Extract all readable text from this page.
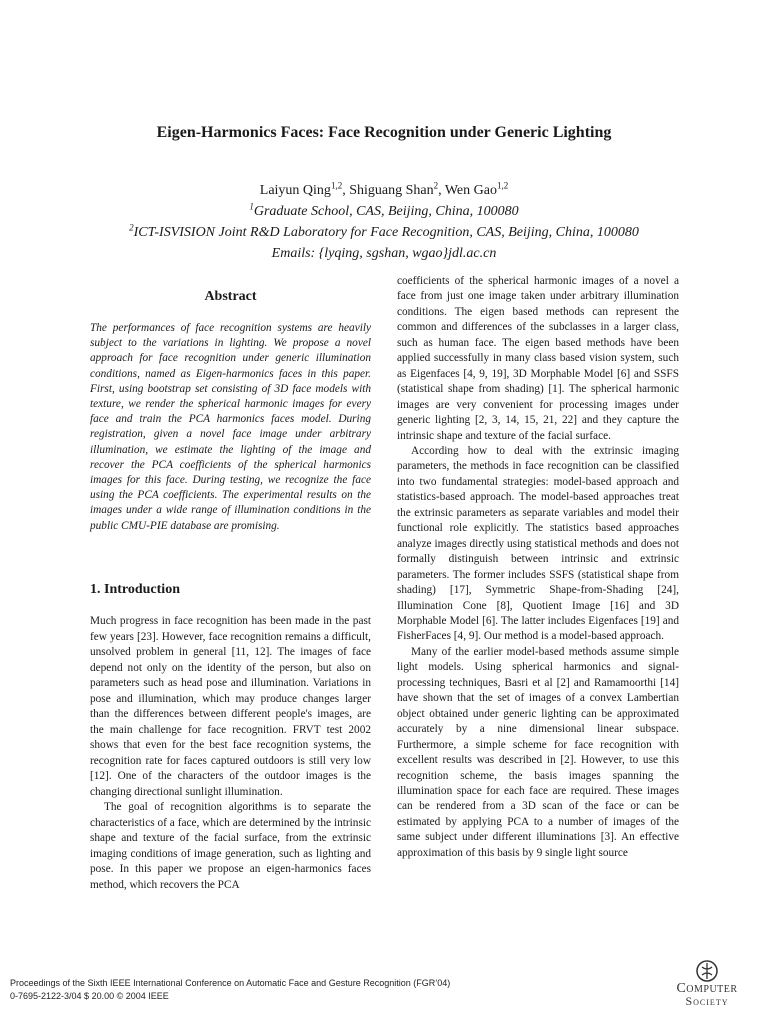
Eigen-Harmonics Faces: Face Recognition under Generic Lighting
Laiyun Qing$^{1,2}$, Shiguang Shan$^2$, Wen Gao$^{1,2}$
$^1$Graduate School, CAS, Beijing, China, 100080
$^2$ICT-ISVISION Joint R&D Laboratory for Face Recognition, CAS, Beijing, China, 100080
Emails: {lyqing, sgshan, wgao}jdl.ac.cn
Abstract

The performances of face recognition systems are heavily subject to the variations in lighting. We propose a novel approach for face recognition under generic illumination conditions, named as Eigen-harmonics faces in this paper. First, using bootstrap set consisting of 3D face models with texture, we render the spherical harmonic images for every face and train the PCA harmonics faces model. During registration, given a novel face image under arbitrary illumination, we estimate the lighting of the image and recover the PCA coefficients of the spherical harmonics images for this face. During testing, we recognize the face using the PCA coefficients. The experimental results on the images under a wide range of illumination conditions in the public CMU-PIE database are promising.

1. Introduction
Much progress in face recognition has been made in the past few years [23]. However, face recognition remains a difficult, unsolved problem in general [11, 12]. The images of face depend not only on the identity of the person, but also on parameters such as head pose and illumination. Variations in pose and illumination, which may produce changes larger than the differences between different people's images, are the main challenge for face recognition. FRVT test 2002 shows that even for the best face recognition systems, the recognition rate for faces captured outdoors is still very low [12]. One of the characters of the outdoor images is the changing directional sunlight illumination.
The goal of recognition algorithms is to separate the characteristics of a face, which are determined by the intrinsic shape and texture of the facial surface, from the extrinsic imaging conditions of image generation, such as lighting and pose. In this paper we propose an eigen-harmonics faces method, which recovers the PCA
coefficients of the spherical harmonic images of a novel a face from just one image taken under arbitrary illumination conditions. The eigen based methods can represent the common and differences of the subclasses in a larger class, such as human face. The eigen based methods have been applied successfully in many class based vision system, such as Eigenfaces [4, 9, 19], 3D Morphable Model [6] and SSFS (statistical shape from shading) [1]. The spherical harmonic images are very convenient for processing images under generic lighting [2, 3, 14, 15, 21, 22] and they capture the intrinsic shape and texture of the facial surface.
According how to deal with the extrinsic imaging parameters, the methods in face recognition can be classified into two fundamental strategies: model-based approach and statistics-based approach. The model-based approaches treat the extrinsic parameters as separate variables and model their functional role explicitly. The statistics based approaches analyze images directly using statistical methods and does not formally distinguish between intrinsic and extrinsic parameters. The former includes SSFS (statistical shape from shading) [17], Symmetric Shape-from-Shading [24], Illumination Cone [8], Quotient Image [16] and 3D Morphable Model [6]. The latter includes Eigenfaces [19] and FisherFaces [4, 9]. Our method is a model-based approach.
Many of the earlier model-based methods assume simple light models. Using spherical harmonics and signal-processing techniques, Basri et al [2] and Ramamoorthi [14] have shown that the set of images of a convex Lambertian object obtained under generic lighting can be approximated accurately by a nine dimensional linear subspace. Furthermore, a simple scheme for face recognition with excellent results was described in [2]. However, to use this recognition scheme, the basis images spanning the illumination space for each face are required. These images can be rendered from a 3D scan of the face or can be estimated by applying PCA to a number of images of the same subject under different illuminations [3]. An effective approximation of this basis by 9 single light source
Proceedings of the Sixth IEEE International Conference on Automatic Face and Gesture Recognition (FGR’04)
0-7695-2122-3/04 $ 20.00 © 2004 IEEE	Computer
Society
